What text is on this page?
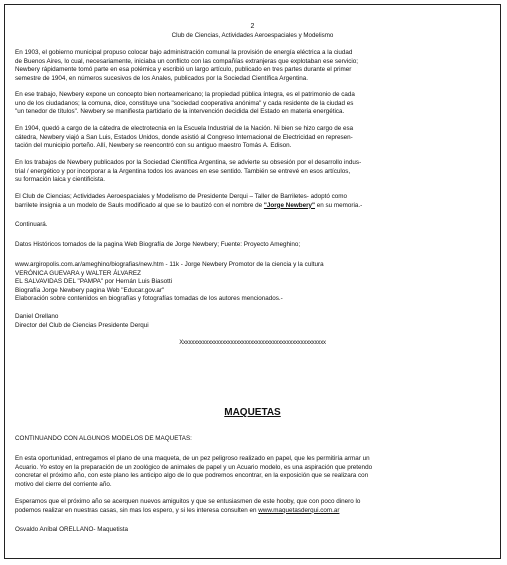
2
Club de Ciencias, Actividades Aeroespaciales y Modelismo
En 1903, el gobierno municipal propuso colocar bajo administración comunal la provisión de energía eléctrica a la ciudad
de Buenos Aires, lo cual, necesariamente, iniciaba un conflicto con las compañías extranjeras que explotaban ese servicio;
Newbery rápidamente tomó parte en esa polémica y escribió un largo artículo, publicado en tres partes durante el primer
semestre de 1904, en números sucesivos de los Anales, publicados por la Sociedad Científica Argentina.
En ese trabajo, Newbery expone un concepto bien norteamericano; la propiedad pública íntegra, es el patrimonio de cada
uno de los ciudadanos; la comuna, dice, constituye una "sociedad cooperativa anónima" y cada residente de la ciudad es
"un tenedor de títulos". Newbery se manifiesta partidario de la intervención decidida del Estado en materia energética.
En 1904, quedó a cargo de la cátedra de electrotecnia en la Escuela Industrial de la Nación. Ni bien se hizo cargo de esa
cátedra, Newbery viajó a San Luis, Estados Unidos, donde asistió al Congreso Internacional de Electricidad en represen-
tación del municipio porteño. Allí, Newbery se reencontró con su antiguo maestro Tomás A. Edison.
En los trabajos de Newbery publicados por la Sociedad Científica Argentina, se advierte su obsesión por el desarrollo indus-
trial / energético y por incorporar a la Argentina todos los avances en ese sentido. También se entrevé en esos artículos,
su formación laica y cientificista.
El Club de Ciencias; Actividades Aeroespaciales y Modelismo de Presidente Derqui – Taller de Barriletes- adoptó como
barrilete insignia a un modelo de Sauls modificado al que se lo bautizó con el nombre de "Jorge Newbery" en su memoria.-
Continuará.
Datos Históricos tomados de la pagina Web Biografía de Jorge Newbery; Fuente: Proyecto Ameghino;
www.argiropolis.com.ar/ameghino/biografias/new.htm - 11k - Jorge Newbery Promotor de la ciencia y la cultura
VERÓNICA GUEVARA y WALTER ÁLVAREZ
EL SALVAVIDAS DEL "PAMPA" por Hernán Luis Biasotti
Biografía Jorge Newbery pagina Web "Educar.gov.ar"
Elaboración sobre contenidos en biografías y fotografías tomadas de los autores mencionados.-
Daniel Orellano
Director del Club de Ciencias Presidente Derqui
Xxxxxxxxxxxxxxxxxxxxxxxxxxxxxxxxxxxxxxxxxxxxxxxxxxxx
MAQUETAS
CONTINUANDO CON ALGUNOS MODELOS DE MAQUETAS:
En esta oportunidad, entregamos el plano de una maqueta, de un pez peligroso realizado en papel, que les permitiría armar un
Acuario. Yo estoy en la preparación de un zoológico de animales de papel y un Acuario modelo, es una aspiración que pretendo
concretar el próximo año, con este plano les anticipo algo de lo que podremos encontrar, en la exposición que se realizara con
motivo del cierre del corriente año.
Esperamos que el próximo año se acerquen nuevos amiguitos y que se entusiasmen de este hooby, que con poco dinero lo
podemos realizar en nuestras casas, sin mas los espero, y si les interesa consulten en www.maquetasderqui.com.ar
Osvaldo Aníbal ORELLANO- Maquetista
